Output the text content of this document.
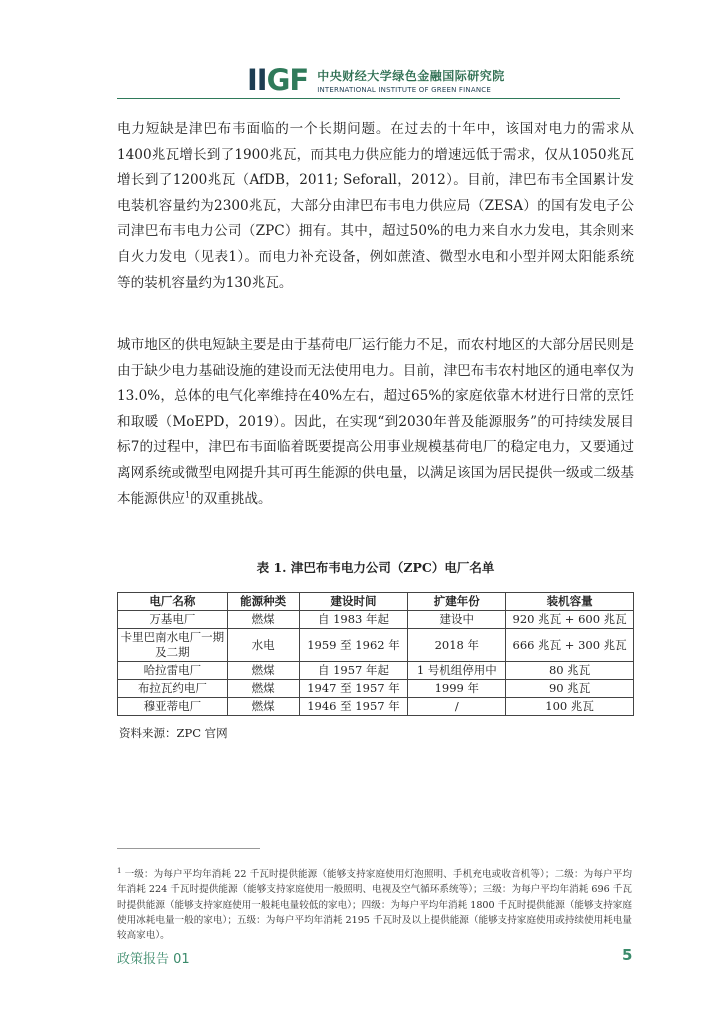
IIGF 中央财经大学绿色金融国际研究院
INTERNATIONAL INSTITUTE OF GREEN FINANCE

电力短缺是津巴布韦面临的一个长期问题。在过去的十年中，该国对电力的需求从1400兆瓦增长到了1900兆瓦，而其电力供应能力的增速远低于需求，仅从1050兆瓦增长到了1200兆瓦（AfDB，2011; Seforall，2012）。目前，津巴布韦全国累计发电装机容量约为2300兆瓦，大部分由津巴布韦电力供应局（ZESA）的国有发电子公司津巴布韦电力公司（ZPC）拥有。其中，超过50%的电力来自水力发电，其余则来自火力发电（见表1）。而电力补充设备，例如蔗渣、微型水电和小型并网太阳能系统等的装机容量约为130兆瓦。

城市地区的供电短缺主要是由于基荷电厂运行能力不足，而农村地区的大部分居民则是由于缺少电力基础设施的建设而无法使用电力。目前，津巴布韦农村地区的通电率仅为13.0%，总体的电气化率维持在40%左右，超过65%的家庭依靠木材进行日常的烹饪和取暖（MoEPD，2019）。因此，在实现“到2030年普及能源服务”的可持续发展目标7的过程中，津巴布韦面临着既要提高公用事业规模基荷电厂的稳定电力，又要通过离网系统或微型电网提升其可再生能源的供电量，以满足该国为居民提供一级或二级基本能源供应$^1$的双重挑战。

表 1. 津巴布韦电力公司（ZPC）电厂名单
电厂名称	能源种类	建设时间	扩建年份	装机容量
万基电厂	燃煤	自 1983 年起	建设中	920 兆瓦 + 600 兆瓦
卡里巴南水电厂一期及二期	水电	1959 至 1962 年	2018 年	666 兆瓦 + 300 兆瓦
哈拉雷电厂	燃煤	自 1957 年起	1 号机组停用中	80 兆瓦
布拉瓦约电厂	燃煤	1947 至 1957 年	1999 年	90 兆瓦
穆亚蒂电厂	燃煤	1946 至 1957 年	/	100 兆瓦
资料来源：ZPC 官网

$^1$ 一级：为每户平均年消耗 22 千瓦时提供能源（能够支持家庭使用灯泡照明、手机充电或收音机等）；二级：为每户平均年消耗 224 千瓦时提供能源（能够支持家庭使用一般照明、电视及空气循环系统等）；三级：为每户平均年消耗 696 千瓦时提供能源（能够支持家庭使用一般耗电量较低的家电）；四级：为每户平均年消耗 1800 千瓦时提供能源（能够支持家庭使用冰耗电量一般的家电）；五级：为每户平均年消耗 2195 千瓦时及以上提供能源（能够支持家庭使用或持续使用耗电量较高家电）。

政策报告 01	5
